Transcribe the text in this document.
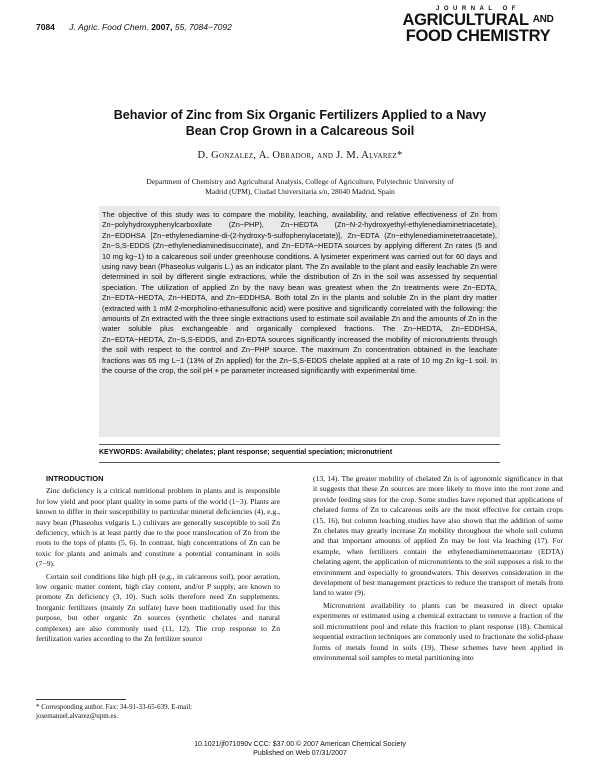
7084 J. Agric. Food Chem. 2007, 55, 7084−7092
JOURNAL OF
AGRICULTURAL AND
FOOD CHEMISTRY
Behavior of Zinc from Six Organic Fertilizers Applied to a Navy
Bean Crop Grown in a Calcareous Soil
D. Gonzalez, A. Obrador, and J. M. Alvarez*
Department of Chemistry and Agricultural Analysis, College of Agriculture, Polytechnic University of
Madrid (UPM), Ciudad Universitaria s/n, 28040 Madrid, Spain
The objective of this study was to compare the mobility, leaching, availability, and relative effectiveness of Zn from Zn−polyhydroxyphenylcarboxilate (Zn−PHP), Zn−HEDTA (Zn−N-2-hydroxyethyl-ethylenediaminetriacetate), Zn−EDDHSA [Zn−ethylenediamine-di-(2-hydroxy-5-sulfophenylacetate)], Zn−EDTA (Zn−ethylenediaminetetraacetate), Zn−S,S-EDDS (Zn−ethylenediaminedisuccinate), and Zn−EDTA−HEDTA sources by applying different Zn rates (5 and 10 mg kg−1) to a calcareous soil under greenhouse conditions. A lysimeter experiment was carried out for 60 days and using navy bean (Phaseolus vulgaris L.) as an indicator plant. The Zn available to the plant and easily leachable Zn were determined in soil by different single extractions, while the distribution of Zn in the soil was assessed by sequential speciation. The utilization of applied Zn by the navy bean was greatest when the Zn treatments were Zn−EDTA, Zn−EDTA−HEDTA, Zn−HEDTA, and Zn−EDDHSA. Both total Zn in the plants and soluble Zn in the plant dry matter (extracted with 1 mM 2-morpholino-ethanesulfonic acid) were positive and significantly correlated with the following: the amounts of Zn extracted with the three single extractions used to estimate soil available Zn and the amounts of Zn in the water soluble plus exchangeable and organically complexed fractions. The Zn−HEDTA, Zn−EDDHSA, Zn−EDTA−HEDTA, Zn−S,S-EDDS, and Zn-EDTA sources significantly increased the mobility of micronutrients through the soil with respect to the control and Zn−PHP source. The maximum Zn concentration obtained in the leachate fractions was 65 mg L−1 (13% of Zn applied) for the Zn−S,S-EDDS chelate applied at a rate of 10 mg Zn kg−1 soil. In the course of the crop, the soil pH + pe parameter increased significantly with experimental time.
KEYWORDS: Availability; chelates; plant response; sequential speciation; micronutrient

INTRODUCTION

Zinc deficiency is a critical nutritional problem in plants and is responsible for low yield and poor plant quality in some parts of the world (1−3). Plants are known to differ in their susceptibility to particular mineral deficiencies (4), e.g., navy bean (Phaseolus vulgaris L.) cultivars are generally susceptible to soil Zn deficiency, which is at least partly due to the poor translocation of Zn from the roots to the tops of plants (5, 6). In contrast, high concentrations of Zn can be toxic for plants and animals and constitute a potential contaminant in soils (7−9).

Certain soil conditions like high pH (e.g., in calcareous soil), poor aeration, low organic matter content, high clay content, and/or P supply, are known to promote Zn deficiency (3, 10). Such soils therefore need Zn supplements. Inorganic fertilizers (mainly Zn sulfate) have been traditionally used for this purpose, but other organic Zn sources (synthetic chelates and natural complexes) are also commonly used (11, 12). The crop response to Zn fertilization varies according to the Zn fertilizer source

(13, 14). The greater mobility of chelated Zn is of agronomic significance in that it suggests that these Zn sources are more likely to move into the root zone and provide feeding sites for the crop. Some studies have reported that applications of chelated forms of Zn to calcareous soils are the most effective for certain crops (15, 16), but column leaching studies have also shown that the addition of some Zn chelates may greatly increase Zn mobility throughout the whole soil column and that important amounts of applied Zn may be lost via leaching (17). For example, when fertilizers contain the ethylenediaminetetraacetate (EDTA) chelating agent, the application of micronutrients to the soil supposes a risk to the environment and especially to groundwaters. This deserves consideration in the development of best management practices to reduce the transport of metals from land to water (9).

Micronutrient availability to plants can be measured in direct uptake experiments or estimated using a chemical extractant to remove a fraction of the soil micronutrient pool and relate this fraction to plant response (18). Chemical sequential extraction techniques are commonly used to fractionate the solid-phase forms of metals found in soils (19). These schemes have been applied in environmental soil samples to metal partitioning into

* Corresponding author. Fax: 34-91-33-65-639. E-mail:
josemanuel.alvarez@upm.es.
10.1021/jf071090v CCC: $37.00 © 2007 American Chemical Society
Published on Web 07/31/2007
